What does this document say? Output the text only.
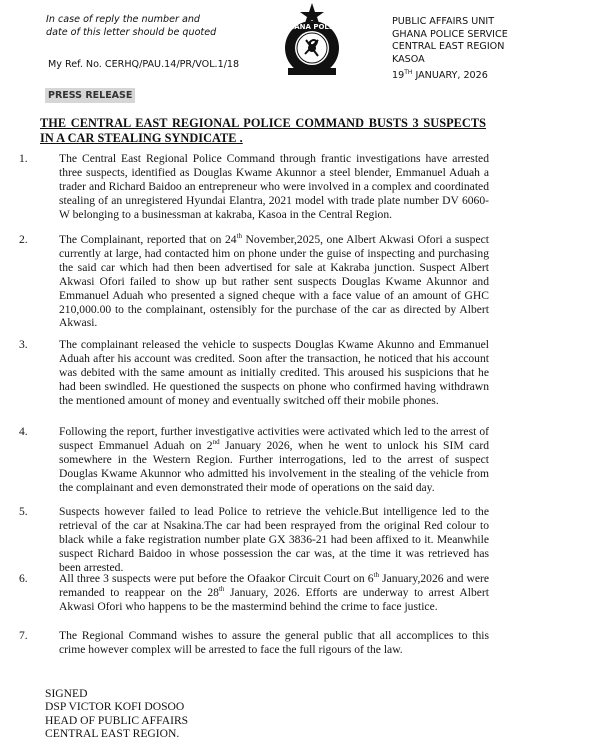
In case of reply the number and
date of this letter should be quoted
My Ref. No. CERHQ/PAU.14/PR/VOL.1/18
PRESS RELEASE
GHANA POLICE	PUBLIC AFFAIRS UNIT
GHANA POLICE SERVICE
CENTRAL EAST REGION
KASOA
19TH JANUARY, 2026
THE CENTRAL EAST REGIONAL POLICE COMMAND BUSTS 3 SUSPECTS IN A CAR STEALING SYNDICATE .
1.	The Central East Regional Police Command through frantic investigations have arrested three suspects, identified as Douglas Kwame Akunnor a steel blender, Emmanuel Aduah a trader and Richard Baidoo an entrepreneur who were involved in a complex and coordinated stealing of an unregistered Hyundai Elantra, 2021 model with trade plate number DV 6060-W belonging to a businessman at kakraba, Kasoa in the Central Region.
2.	The Complainant, reported that on 24th November,2025, one Albert Akwasi Ofori a suspect currently at large, had contacted him on phone under the guise of inspecting and purchasing the said car which had then been advertised for sale at Kakraba junction. Suspect Albert Akwasi Ofori failed to show up but rather sent suspects Douglas Kwame Akunnor and Emmanuel Aduah who presented a signed cheque with a face value of an amount of GHC 210,000.00 to the complainant, ostensibly for the purchase of the car as directed by Albert Akwasi.
3.	The complainant released the vehicle to suspects Douglas Kwame Akunno and Emmanuel Aduah after his account was credited. Soon after the transaction, he noticed that his account was debited with the same amount as initially credited. This aroused his suspicions that he had been swindled. He questioned the suspects on phone who confirmed having withdrawn the mentioned amount of money and eventually switched off their mobile phones.
4.	Following the report, further investigative activities were activated which led to the arrest of suspect Emmanuel Aduah on 2nd January 2026, when he went to unlock his SIM card somewhere in the Western Region. Further interrogations, led to the arrest of suspect Douglas Kwame Akunnor who admitted his involvement in the stealing of the vehicle from the complainant and even demonstrated their mode of operations on the said day.
5.	Suspects however failed to lead Police to retrieve the vehicle.But intelligence led to the retrieval of the car at Nsakina.The car had been resprayed from the original Red colour to black while a fake registration number plate GX 3836-21 had been affixed to it. Meanwhile suspect Richard Baidoo in whose possession the car was, at the time it was retrieved has been arrested.
6.	All three 3 suspects were put before the Ofaakor Circuit Court on 6th January,2026 and were remanded to reappear on the 28th January, 2026. Efforts are underway to arrest Albert Akwasi Ofori who happens to be the mastermind behind the crime to face justice.
7.	The Regional Command wishes to assure the general public that all accomplices to this crime however complex will be arrested to face the full rigours of the law.
SIGNED
DSP VICTOR KOFI DOSOO
HEAD OF PUBLIC AFFAIRS
CENTRAL EAST REGION.
